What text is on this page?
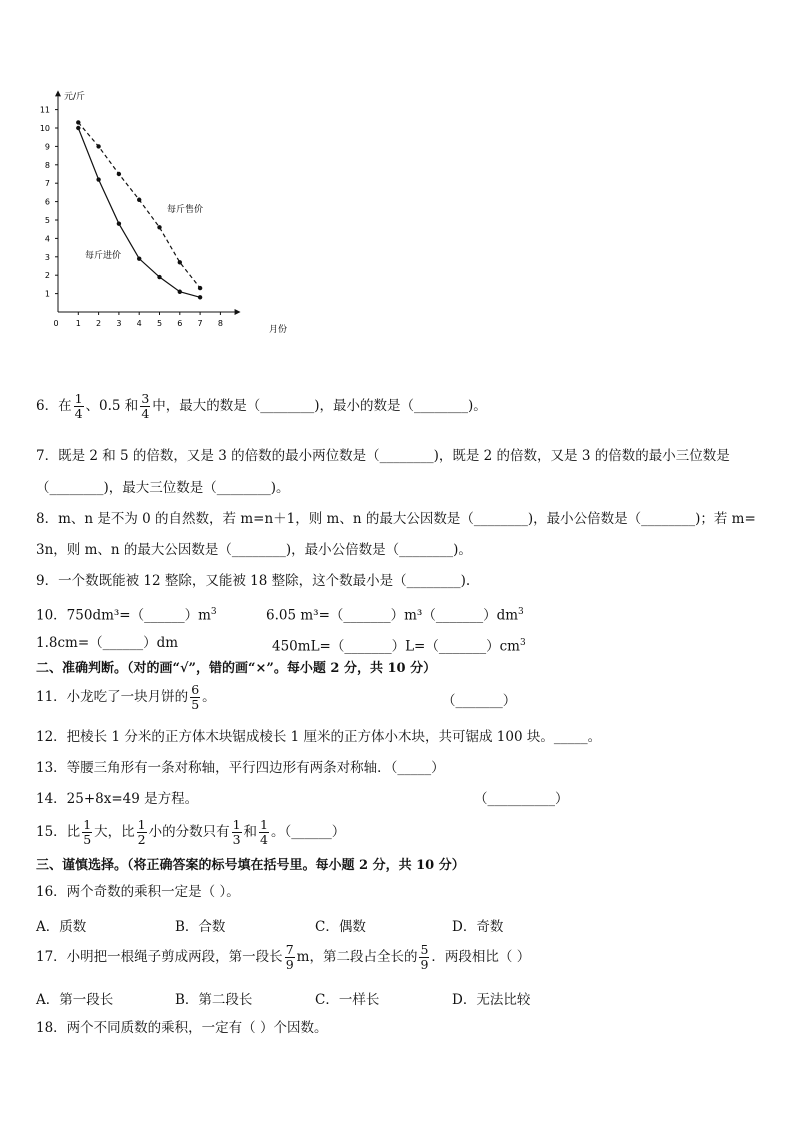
0 1 2 3 4 5 6 7 8
1
2
3
4
5
6
7
8
9
10
11
元/斤
月份
每斤售价
每斤进价
6．在 $\frac{1}{4}$ 、0.5 和 $\frac{3}{4}$ 中，最大的数是（________)，最小的数是（________)。
7．既是 2 和 5 的倍数，又是 3 的倍数的最小两位数是（________)，既是 2 的倍数，又是 3 的倍数的最小三位数是
（________)，最大三位数是（________)。
8．m、n 是不为 0 的自然数，若 m=n＋1，则 m、n 的最大公因数是（________)，最小公倍数是（________)；若 m=
3n，则 m、n 的最大公因数是（________)，最小公倍数是（________)。
9．一个数既能被 12 整除，又能被 18 整除，这个数最小是（________).
10．$750dm^3=(\_\_\_\_\_\_)m^3$	6.05 $m^3=(\_\_\_\_\_\_\_)m^3(\_\_\_\_\_\_\_)dm^3$
1.8cm=（______）dm	$450mL=(\_\_\_\_\_\_\_)L=(\_\_\_\_\_\_\_)cm^3$
二、准确判断。（对的画“√”，错的画“×”。每小题 2 分，共 10 分）
11．小龙吃了一块月饼的 $\frac{6}{5}$ 。	（_______）
12．把棱长 1 分米的正方体木块锯成棱长 1 厘米的正方体小木块，共可锯成 100 块。_____。
13．等腰三角形有一条对称轴，平行四边形有两条对称轴．（_____）
14．25+8x=49 是方程。	（__________）
15．比 $\frac{1}{5}$ 大，比 $\frac{1}{2}$ 小的分数只有 $\frac{1}{3}$ 和 $\frac{1}{4}$ 。（______）
三、谨慎选择。（将正确答案的标号填在括号里。每小题 2 分，共 10 分）
16．两个奇数的乘积一定是（ ）。
A．质数	B．合数	C．偶数	D．奇数
17．小明把一根绳子剪成两段，第一段长 $\frac{7}{9}$ m，第二段占全长的 $\frac{5}{9}$ ．两段相比（ ）
A．第一段长	B．第二段长	C．一样长	D．无法比较
18．两个不同质数的乘积，一定有（ ）个因数。
